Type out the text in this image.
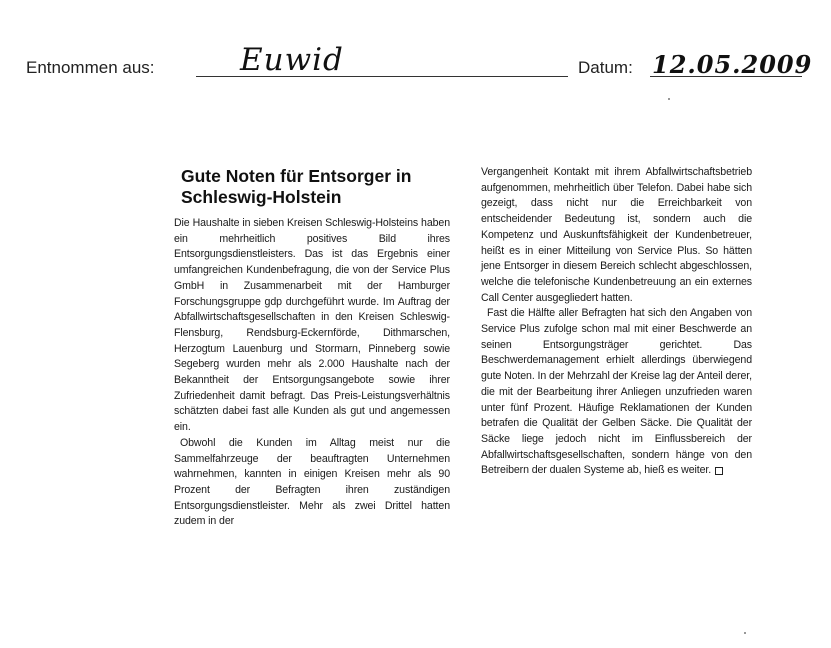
Entnommen aus:	Euwid	Datum: 12.05.2009
Gute Noten für Entsorger in Schleswig-Holstein

Die Haushalte in sieben Kreisen Schleswig-Holsteins haben ein mehrheitlich positives Bild ihres Entsorgungsdienstleisters. Das ist das Ergebnis einer umfangreichen Kundenbefragung, die von der Service Plus GmbH in Zusammenarbeit mit der Hamburger Forschungsgruppe gdp durchgeführt wurde. Im Auftrag der Abfallwirtschaftsgesellschaften in den Kreisen Schleswig-Flensburg, Rendsburg-Eckernförde, Dithmarschen, Herzogtum Lauenburg und Stormarn, Pinneberg sowie Segeberg wurden mehr als 2.000 Haushalte nach der Bekanntheit der Entsorgungsangebote sowie ihrer Zufriedenheit damit befragt. Das Preis-Leistungsverhältnis schätzten dabei fast alle Kunden als gut und angemessen ein.

Obwohl die Kunden im Alltag meist nur die Sammelfahrzeuge der beauftragten Unternehmen wahrnehmen, kannten in einigen Kreisen mehr als 90 Prozent der Befragten ihren zuständigen Entsorgungsdienstleister. Mehr als zwei Drittel hatten zudem in der

Vergangenheit Kontakt mit ihrem Abfallwirtschaftsbetrieb aufgenommen, mehrheitlich über Telefon. Dabei habe sich gezeigt, dass nicht nur die Erreichbarkeit von entscheidender Bedeutung ist, sondern auch die Kompetenz und Auskunftsfähigkeit der Kundenbetreuer, heißt es in einer Mitteilung von Service Plus. So hätten jene Entsorger in diesem Bereich schlecht abgeschlossen, welche die telefonische Kundenbetreuung an ein externes Call Center ausgegliedert hatten.

Fast die Hälfte aller Befragten hat sich den Angaben von Service Plus zufolge schon mal mit einer Beschwerde an seinen Entsorgungsträger gerichtet. Das Beschwerdemanagement erhielt allerdings überwiegend gute Noten. In der Mehrzahl der Kreise lag der Anteil derer, die mit der Bearbeitung ihrer Anliegen unzufrieden waren unter fünf Prozent. Häufige Reklamationen der Kunden betrafen die Qualität der Gelben Säcke. Die Qualität der Säcke liege jedoch nicht im Einflussbereich der Abfallwirtschaftsgesellschaften, sondern hänge von den Betreibern der dualen Systeme ab, hieß es weiter.
